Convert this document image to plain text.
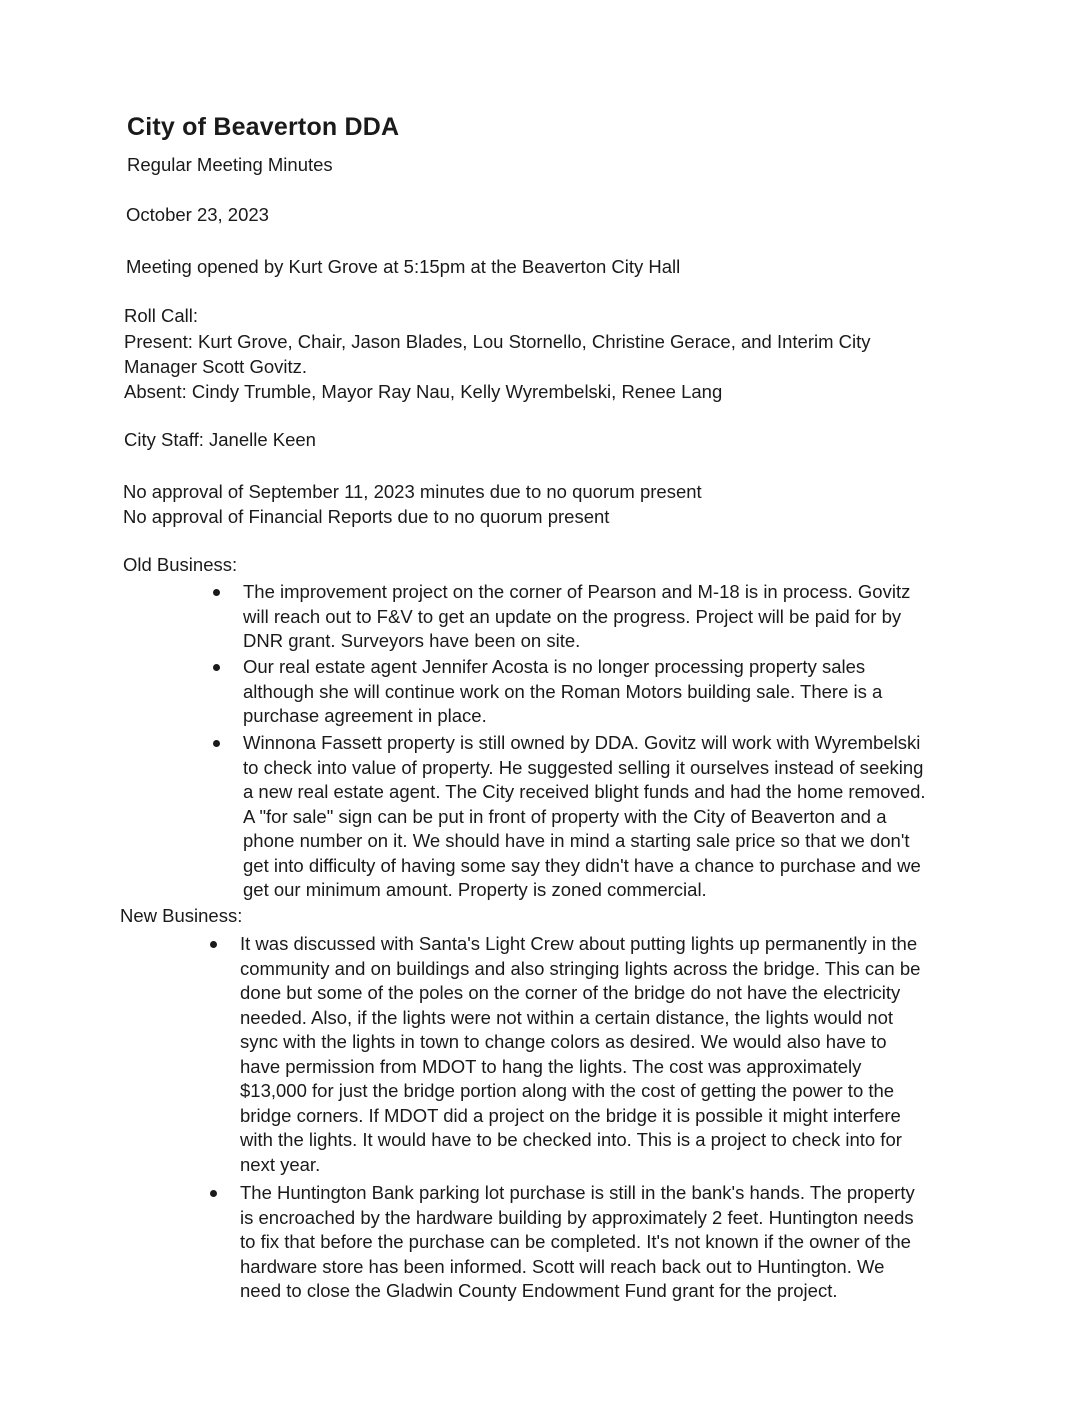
City of Beaverton DDA
Regular Meeting Minutes
October 23, 2023
Meeting opened by Kurt Grove at 5:15pm at the Beaverton City Hall
Roll Call:
Present: Kurt Grove, Chair, Jason Blades, Lou Stornello, Christine Gerace, and Interim City
Manager Scott Govitz.
Absent: Cindy Trumble, Mayor Ray Nau, Kelly Wyrembelski, Renee Lang
City Staff: Janelle Keen
No approval of September 11, 2023 minutes due to no quorum present
No approval of Financial Reports due to no quorum present
Old Business:
The improvement project on the corner of Pearson and M-18 is in process. Govitz
will reach out to F&V to get an update on the progress. Project will be paid for by
DNR grant. Surveyors have been on site.
Our real estate agent Jennifer Acosta is no longer processing property sales
although she will continue work on the Roman Motors building sale. There is a
purchase agreement in place.
Winnona Fassett property is still owned by DDA. Govitz will work with Wyrembelski
to check into value of property. He suggested selling it ourselves instead of seeking
a new real estate agent. The City received blight funds and had the home removed.
A "for sale" sign can be put in front of property with the City of Beaverton and a
phone number on it. We should have in mind a starting sale price so that we don't
get into difficulty of having some say they didn't have a chance to purchase and we
get our minimum amount. Property is zoned commercial.
New Business:
It was discussed with Santa's Light Crew about putting lights up permanently in the
community and on buildings and also stringing lights across the bridge. This can be
done but some of the poles on the corner of the bridge do not have the electricity
needed. Also, if the lights were not within a certain distance, the lights would not
sync with the lights in town to change colors as desired. We would also have to
have permission from MDOT to hang the lights. The cost was approximately
$13,000 for just the bridge portion along with the cost of getting the power to the
bridge corners. If MDOT did a project on the bridge it is possible it might interfere
with the lights. It would have to be checked into. This is a project to check into for
next year.
The Huntington Bank parking lot purchase is still in the bank's hands. The property
is encroached by the hardware building by approximately 2 feet. Huntington needs
to fix that before the purchase can be completed. It's not known if the owner of the
hardware store has been informed. Scott will reach back out to Huntington. We
need to close the Gladwin County Endowment Fund grant for the project.
